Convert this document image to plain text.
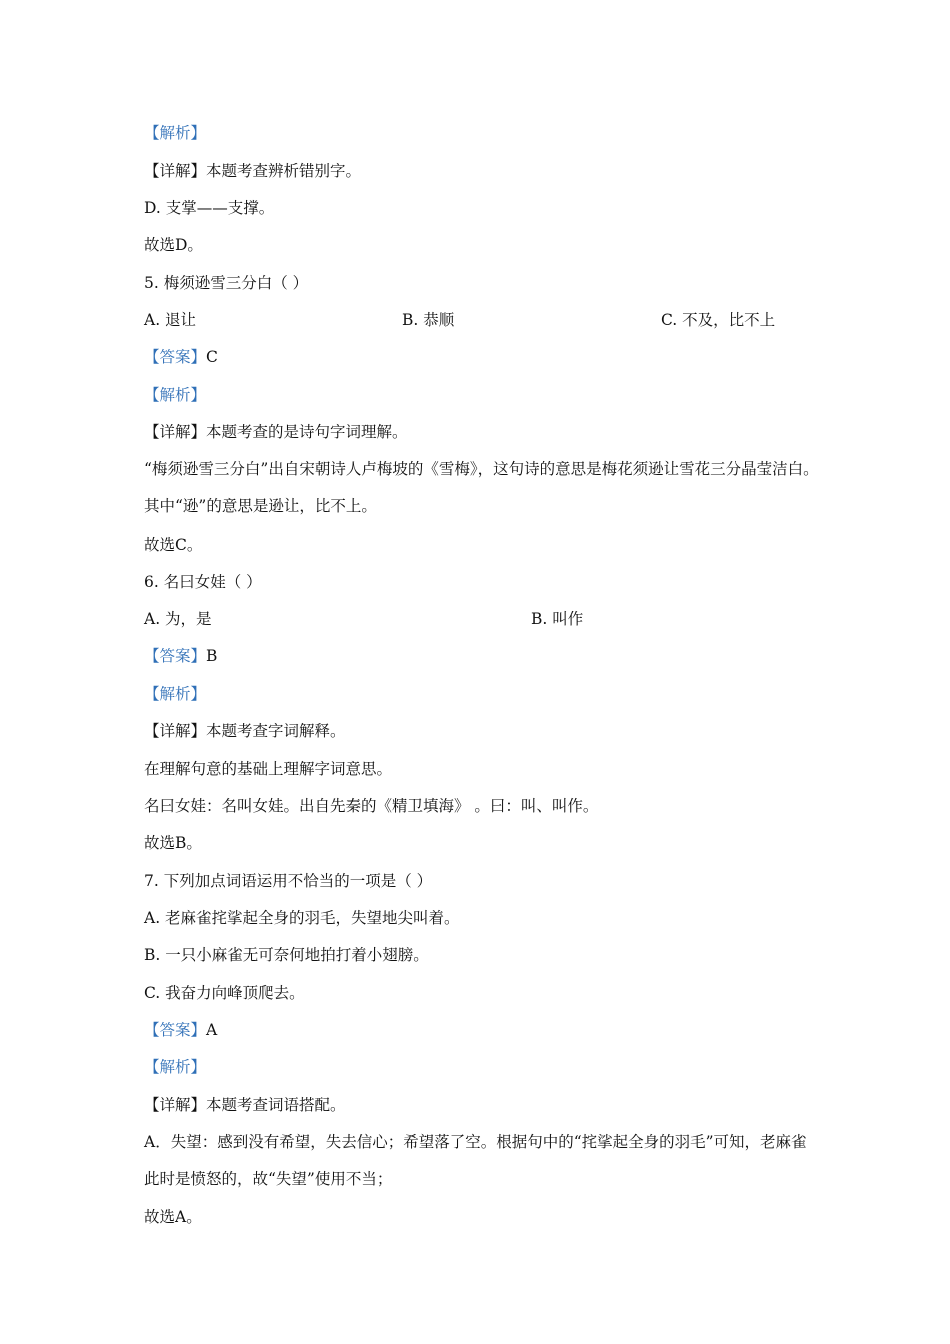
【解析】
【详解】本题考查辨析错别字。
D. 支掌——支撑。
故选D。
5. 梅须逊雪三分白（ ）
A. 退让	B. 恭顺	C. 不及，比不上
【答案】C
【解析】
【详解】本题考查的是诗句字词理解。
“梅须逊雪三分白”出自宋朝诗人卢梅坡的《雪梅》，这句诗的意思是梅花须逊让雪花三分晶莹洁白。其中“逊”的意思是逊让，比不上。
故选C。
6. 名曰女娃（ ）
A. 为，是	B. 叫作
【答案】B
【解析】
【详解】本题考查字词解释。
在理解句意的基础上理解字词意思。
名曰女娃：名叫女娃。出自先秦的《精卫填海》 。曰：叫、叫作。
故选B。
7. 下列加点词语运用不恰当的一项是（ ）
A. 老麻雀挓挲起全身的羽毛，失望地尖叫着。
B. 一只小麻雀无可奈何地拍打着小翅膀。
C. 我奋力向峰顶爬去。
【答案】A
【解析】
【详解】本题考查词语搭配。
A．失望：感到没有希望，失去信心；希望落了空。根据句中的“挓挲起全身的羽毛”可知，老麻雀此时是愤怒的，故“失望”使用不当；
故选A。
